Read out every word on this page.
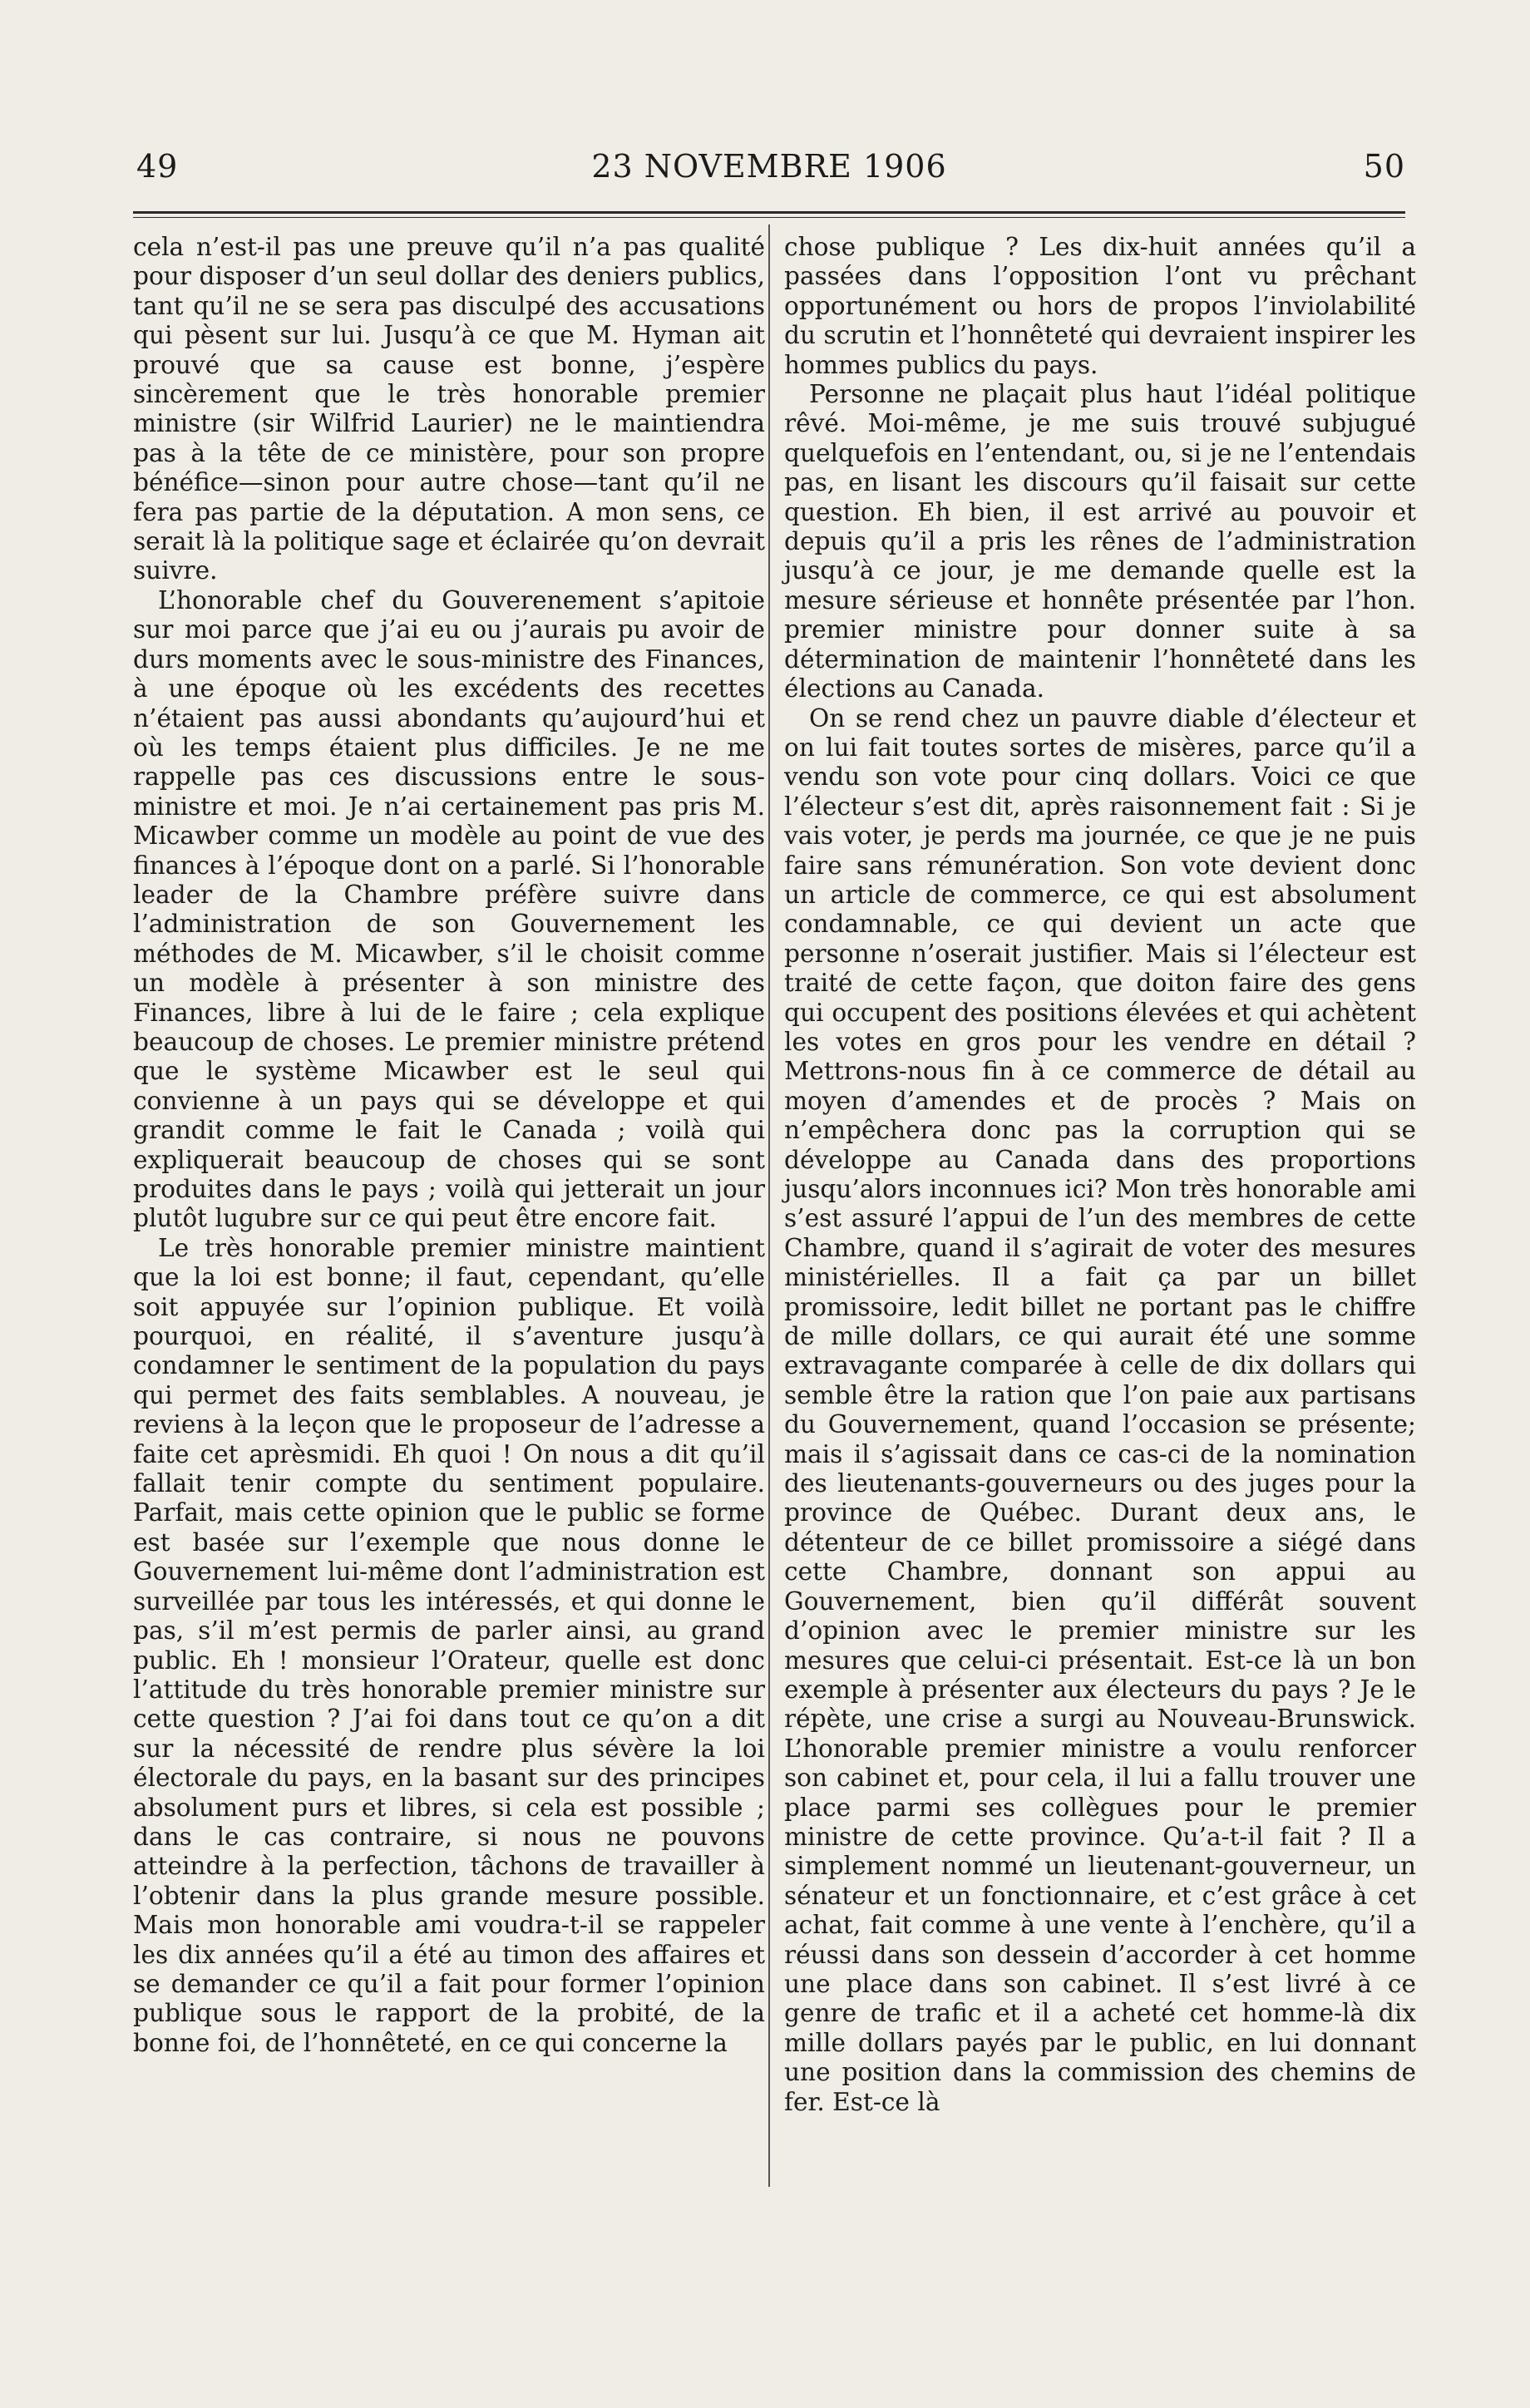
49	23 NOVEMBRE 1906	50

cela n’est-il pas une preuve qu’il n’a pas qualité pour disposer d’un seul dollar des deniers publics, tant qu’il ne se sera pas disculpé des accusations qui pèsent sur lui. Jusqu’à ce que M. Hyman ait prouvé que sa cause est bonne, j’espère sincèrement que le très honorable premier ministre (sir Wilfrid Laurier) ne le maintiendra pas à la tête de ce ministère, pour son propre bénéfice—sinon pour autre chose—tant qu’il ne fera pas partie de la députation. A mon sens, ce serait là la politique sage et éclairée qu’on devrait suivre.

L’honorable chef du Gouverenement s’apitoie sur moi parce que j’ai eu ou j’aurais pu avoir de durs moments avec le sous-ministre des Finances, à une époque où les excédents des recettes n’étaient pas aussi abondants qu’aujourd’hui et où les temps étaient plus difficiles. Je ne me rappelle pas ces discussions entre le sous-ministre et moi. Je n’ai certainement pas pris M. Micawber comme un modèle au point de vue des finances à l’époque dont on a parlé. Si l’honorable leader de la Chambre préfère suivre dans l’administration de son Gouvernement les méthodes de M. Micawber, s’il le choisit comme un modèle à présenter à son ministre des Finances, libre à lui de le faire ; cela explique beaucoup de choses. Le premier ministre prétend que le système Micawber est le seul qui convienne à un pays qui se développe et qui grandit comme le fait le Canada ; voilà qui expliquerait beaucoup de choses qui se sont produites dans le pays ; voilà qui jetterait un jour plutôt lugubre sur ce qui peut être encore fait.

Le très honorable premier ministre maintient que la loi est bonne; il faut, cependant, qu’elle soit appuyée sur l’opinion publique. Et voilà pourquoi, en réalité, il s’aventure jusqu’à condamner le sentiment de la population du pays qui permet des faits semblables. A nouveau, je reviens à la leçon que le proposeur de l’adresse a faite cet aprèsmidi. Eh quoi ! On nous a dit qu’il fallait tenir compte du sentiment populaire. Parfait, mais cette opinion que le public se forme est basée sur l’exemple que nous donne le Gouvernement lui-même dont l’administration est surveillée par tous les intéressés, et qui donne le pas, s’il m’est permis de parler ainsi, au grand public. Eh ! monsieur l’Orateur, quelle est donc l’attitude du très honorable premier ministre sur cette question ? J’ai foi dans tout ce qu’on a dit sur la nécessité de rendre plus sévère la loi électorale du pays, en la basant sur des principes absolument purs et libres, si cela est possible ; dans le cas contraire, si nous ne pouvons atteindre à la perfection, tâchons de travailler à l’obtenir dans la plus grande mesure possible. Mais mon honorable ami voudra-t-il se rappeler les dix années qu’il a été au timon des affaires et se demander ce qu’il a fait pour former l’opinion publique sous le rapport de la probité, de la bonne foi, de l’honnêteté, en ce qui concerne la

chose publique ? Les dix-huit années qu’il a passées dans l’opposition l’ont vu prêchant opportunément ou hors de propos l’inviolabilité du scrutin et l’honnêteté qui devraient inspirer les hommes publics du pays.

Personne ne plaçait plus haut l’idéal politique rêvé. Moi-même, je me suis trouvé subjugué quelquefois en l’entendant, ou, si je ne l’entendais pas, en lisant les discours qu’il faisait sur cette question. Eh bien, il est arrivé au pouvoir et depuis qu’il a pris les rênes de l’administration jusqu’à ce jour, je me demande quelle est la mesure sérieuse et honnête présentée par l’hon. premier ministre pour donner suite à sa détermination de maintenir l’honnêteté dans les élections au Canada.

On se rend chez un pauvre diable d’électeur et on lui fait toutes sortes de misères, parce qu’il a vendu son vote pour cinq dollars. Voici ce que l’électeur s’est dit, après raisonnement fait : Si je vais voter, je perds ma journée, ce que je ne puis faire sans rémunération. Son vote devient donc un article de commerce, ce qui est absolument condamnable, ce qui devient un acte que personne n’oserait justifier. Mais si l’électeur est traité de cette façon, que doiton faire des gens qui occupent des positions élevées et qui achètent les votes en gros pour les vendre en détail ? Mettrons-nous fin à ce commerce de détail au moyen d’amendes et de procès ? Mais on n’empêchera donc pas la corruption qui se développe au Canada dans des proportions jusqu’alors inconnues ici? Mon très honorable ami s’est assuré l’appui de l’un des membres de cette Chambre, quand il s’agirait de voter des mesures ministérielles. Il a fait ça par un billet promissoire, ledit billet ne portant pas le chiffre de mille dollars, ce qui aurait été une somme extravagante comparée à celle de dix dollars qui semble être la ration que l’on paie aux partisans du Gouvernement, quand l’occasion se présente; mais il s’agissait dans ce cas-ci de la nomination des lieutenants-gouverneurs ou des juges pour la province de Québec. Durant deux ans, le détenteur de ce billet promissoire a siégé dans cette Chambre, donnant son appui au Gouvernement, bien qu’il différât souvent d’opinion avec le premier ministre sur les mesures que celui-ci présentait. Est-ce là un bon exemple à présenter aux électeurs du pays ? Je le répète, une crise a surgi au Nouveau-Brunswick. L’honorable premier ministre a voulu renforcer son cabinet et, pour cela, il lui a fallu trouver une place parmi ses collègues pour le premier ministre de cette province. Qu’a-t-il fait ? Il a simplement nommé un lieutenant-gouverneur, un sénateur et un fonctionnaire, et c’est grâce à cet achat, fait comme à une vente à l’enchère, qu’il a réussi dans son dessein d’accorder à cet homme une place dans son cabinet. Il s’est livré à ce genre de trafic et il a acheté cet homme-là dix mille dollars payés par le public, en lui donnant une position dans la commission des chemins de fer. Est-ce là
